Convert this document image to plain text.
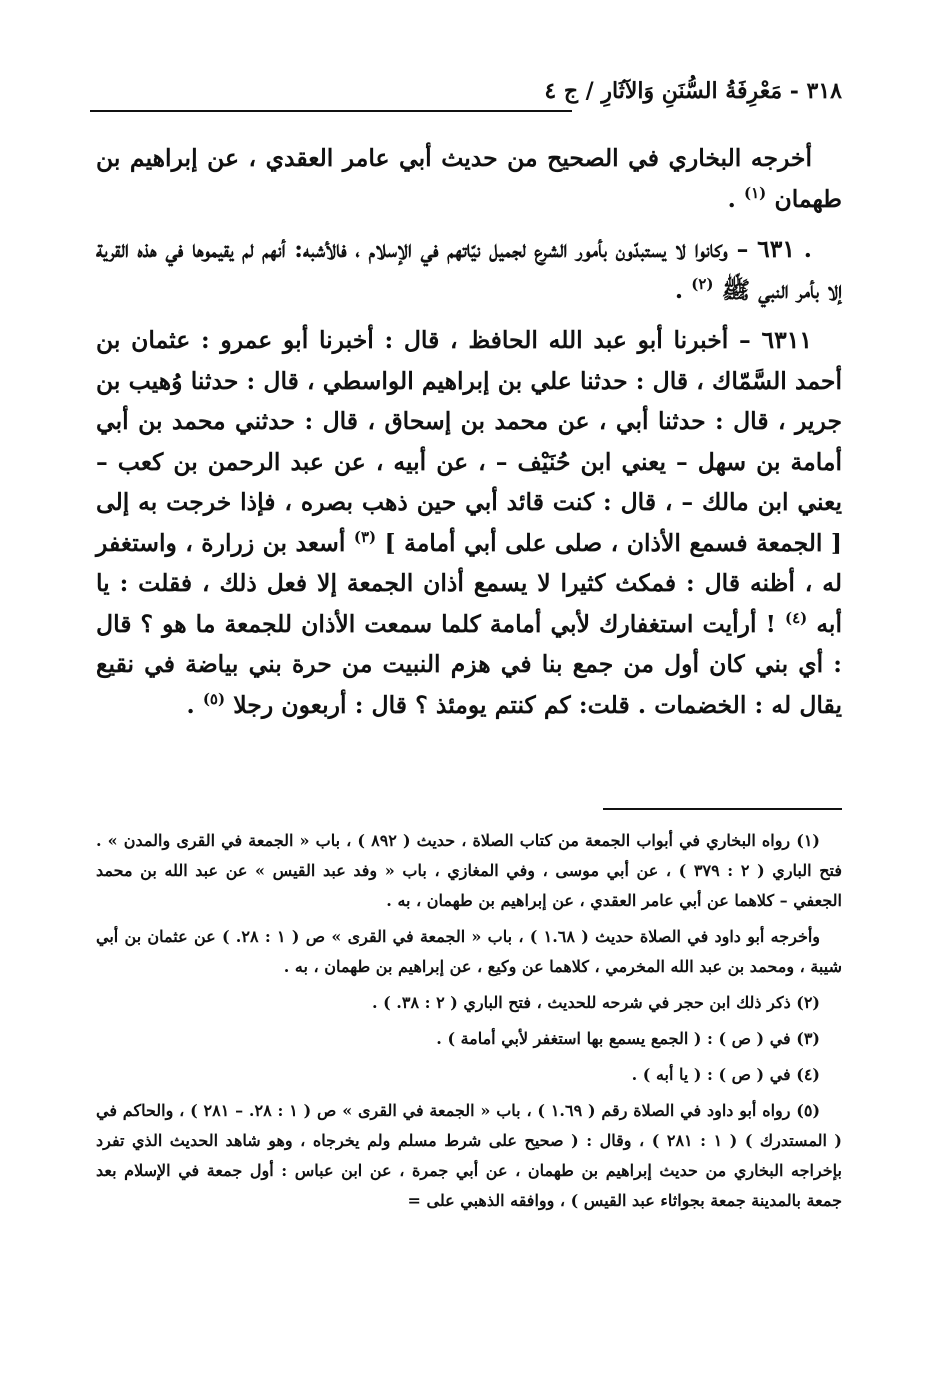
٣١٨ - مَعْرِفَةُ السُّنَنِ وَالآثَارِ / ج ٤

أخرجه البخاري في الصحيح من حديث أبي عامر العقدي ، عن إبراهيم بن طهمان $^{(١)}$ .

. ٦٣١ – وكانوا لا يستبدّون بأمور الشرع لجميل نيّاتهم في الإسلام ، فالأشبه: أنهم لم يقيموها في هذه القرية إلا بأمر النبي ﷺ $^{(٢)}$ .

٦٣١١ – أخبرنا أبو عبد الله الحافظ ، قال : أخبرنا أبو عمرو : عثمان بن أحمد السَّمّاك ، قال : حدثنا علي بن إبراهيم الواسطي ، قال : حدثنا وُهيب بن جرير ، قال : حدثنا أبي ، عن محمد بن إسحاق ، قال : حدثني محمد بن أبي أمامة بن سهل – يعني ابن حُنَيْف – ، عن أبيه ، عن عبد الرحمن بن كعب – يعني ابن مالك – ، قال : كنت قائد أبي حين ذهب بصره ، فإذا خرجت به إلى [ الجمعة فسمع الأذان ، صلى على أبي أمامة ] $^{(٣)}$ أسعد بن زرارة ، واستغفر له ، أظنه قال : فمكث كثيرا لا يسمع أذان الجمعة إلا فعل ذلك ، فقلت : يا أبه $^{(٤)}$ ! أرأيت استغفارك لأبي أمامة كلما سمعت الأذان للجمعة ما هو ؟ قال : أي بني كان أول من جمع بنا في هزم النبيت من حرة بني بياضة في نقيع يقال له : الخضمات . قلت: كم كنتم يومئذ ؟ قال : أربعون رجلا $^{(٥)}$ .

(١) رواه البخاري في أبواب الجمعة من كتاب الصلاة ، حديث ( ٨٩٢ ) ، باب « الجمعة في القرى والمدن » . فتح الباري ( ٢ : ٣٧٩ ) ، عن أبي موسى ، وفي المغازي ، باب « وفد عبد القيس » عن عبد الله بن محمد الجعفي – كلاهما عن أبي عامر العقدي ، عن إبراهيم بن طهمان ، به .

وأخرجه أبو داود في الصلاة حديث ( ١.٦٨ ) ، باب « الجمعة في القرى » ص ( ١ : ٢٨. ) عن عثمان بن أبي شيبة ، ومحمد بن عبد الله المخرمي ، كلاهما عن وكيع ، عن إبراهيم بن طهمان ، به .

(٢) ذكر ذلك ابن حجر في شرحه للحديث ، فتح الباري ( ٢ : ٣٨. ) .

(٣) في ( ص ) : ( الجمع يسمع بها استغفر لأبي أمامة ) .

(٤) في ( ص ) : ( يا أبه ) .

(٥) رواه أبو داود في الصلاة رقم ( ١.٦٩ ) ، باب « الجمعة في القرى » ص ( ١ : ٢٨. – ٢٨١ ) ، والحاكم في ( المستدرك ) ( ١ : ٢٨١ ) ، وقال : ( صحيح على شرط مسلم ولم يخرجاه ، وهو شاهد الحديث الذي تفرد بإخراجه البخاري من حديث إبراهيم بن طهمان ، عن أبي جمرة ، عن ابن عباس : أول جمعة في الإسلام بعد جمعة بالمدينة جمعة بجواثاء عبد القيس ) ، ووافقه الذهبي على =
